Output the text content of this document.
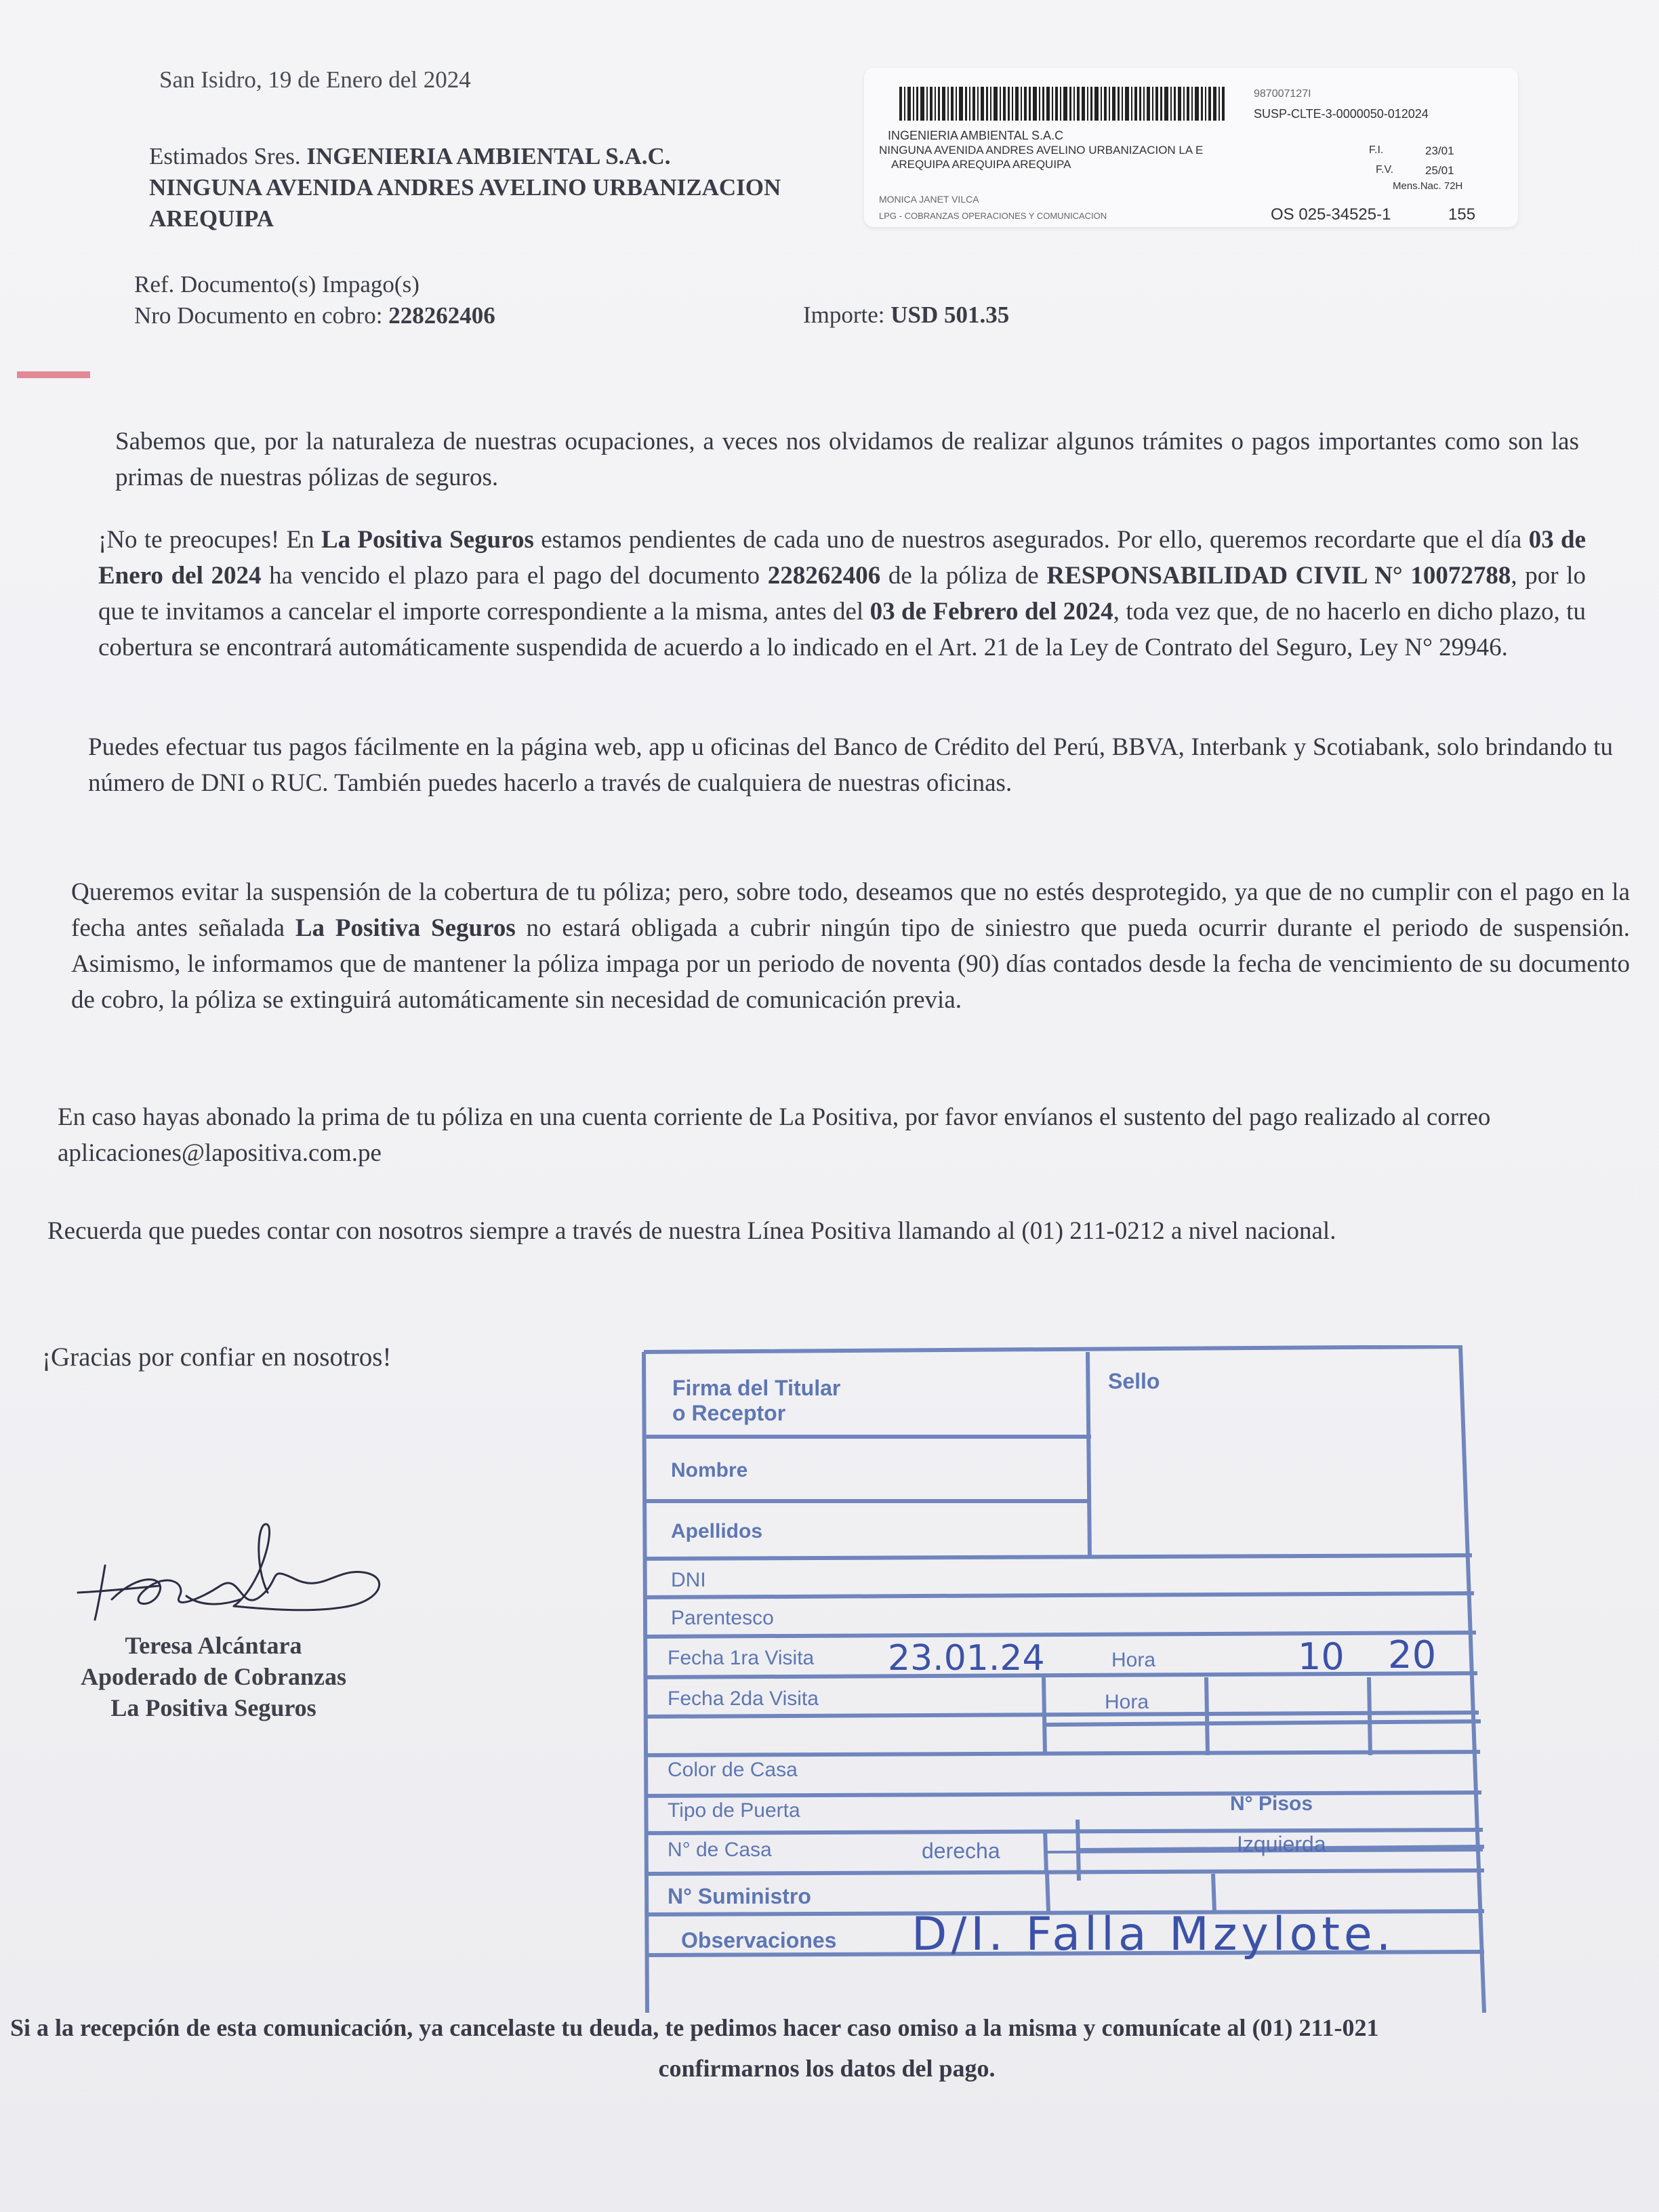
San Isidro, 19 de Enero del 2024
Estimados Sres. INGENIERIA AMBIENTAL S.A.C.
NINGUNA AVENIDA ANDRES AVELINO URBANIZACION
AREQUIPA
Ref. Documento(s) Impago(s)
Nro Documento en cobro: 228262406	Importe: USD 501.35
987007127I
SUSP-CLTE-3-0000050-012024
INGENIERIA AMBIENTAL S.A.C
NINGUNA AVENIDA ANDRES AVELINO URBANIZACION LA E
AREQUIPA AREQUIPA AREQUIPA
F.I.	23/01
F.V.	25/01
Mens.Nac. 72H
MONICA JANET VILCA
LPG - COBRANZAS OPERACIONES Y COMUNICACION	OS 025-34525-1	155
Sabemos que, por la naturaleza de nuestras ocupaciones, a veces nos olvidamos de realizar algunos trámites o pagos importantes como son las primas de nuestras pólizas de seguros.
¡No te preocupes! En La Positiva Seguros estamos pendientes de cada uno de nuestros asegurados. Por ello, queremos recordarte que el día 03 de Enero del 2024 ha vencido el plazo para el pago del documento 228262406 de la póliza de RESPONSABILIDAD CIVIL N° 10072788, por lo que te invitamos a cancelar el importe correspondiente a la misma, antes del 03 de Febrero del 2024, toda vez que, de no hacerlo en dicho plazo, tu cobertura se encontrará automáticamente suspendida de acuerdo a lo indicado en el Art. 21 de la Ley de Contrato del Seguro, Ley N° 29946.
Puedes efectuar tus pagos fácilmente en la página web, app u oficinas del Banco de Crédito del Perú, BBVA, Interbank y Scotiabank, solo brindando tu número de DNI o RUC. También puedes hacerlo a través de cualquiera de nuestras oficinas.
Queremos evitar la suspensión de la cobertura de tu póliza; pero, sobre todo, deseamos que no estés desprotegido, ya que de no cumplir con el pago en la fecha antes señalada La Positiva Seguros no estará obligada a cubrir ningún tipo de siniestro que pueda ocurrir durante el periodo de suspensión. Asimismo, le informamos que de mantener la póliza impaga por un periodo de noventa (90) días contados desde la fecha de vencimiento de su documento de cobro, la póliza se extinguirá automáticamente sin necesidad de comunicación previa.
En caso hayas abonado la prima de tu póliza en una cuenta corriente de La Positiva, por favor envíanos el sustento del pago realizado al correo aplicaciones@lapositiva.com.pe
Recuerda que puedes contar con nosotros siempre a través de nuestra Línea Positiva llamando al (01) 211-0212 a nivel nacional.
¡Gracias por confiar en nosotros!
Teresa Alcántara
Apoderado de Cobranzas
La Positiva Seguros
Firma del Titular
o Receptor
Nombre
Sello
Apellidos
DNI
Parentesco
Fecha 1ra Visita 23.01.24	Hora	10 20
Fecha 2da Visita	Hora
Color de Casa
Tipo de Puerta	N° Pisos
N° de Casa	derecha	Izquierda
N° Suministro
Observaciones D/I. Falla Mzylote.
Si a la recepción de esta comunicación, ya cancelaste tu deuda, te pedimos hacer caso omiso a la misma y comunícate al (01) 211-021
confirmarnos los datos del pago.
